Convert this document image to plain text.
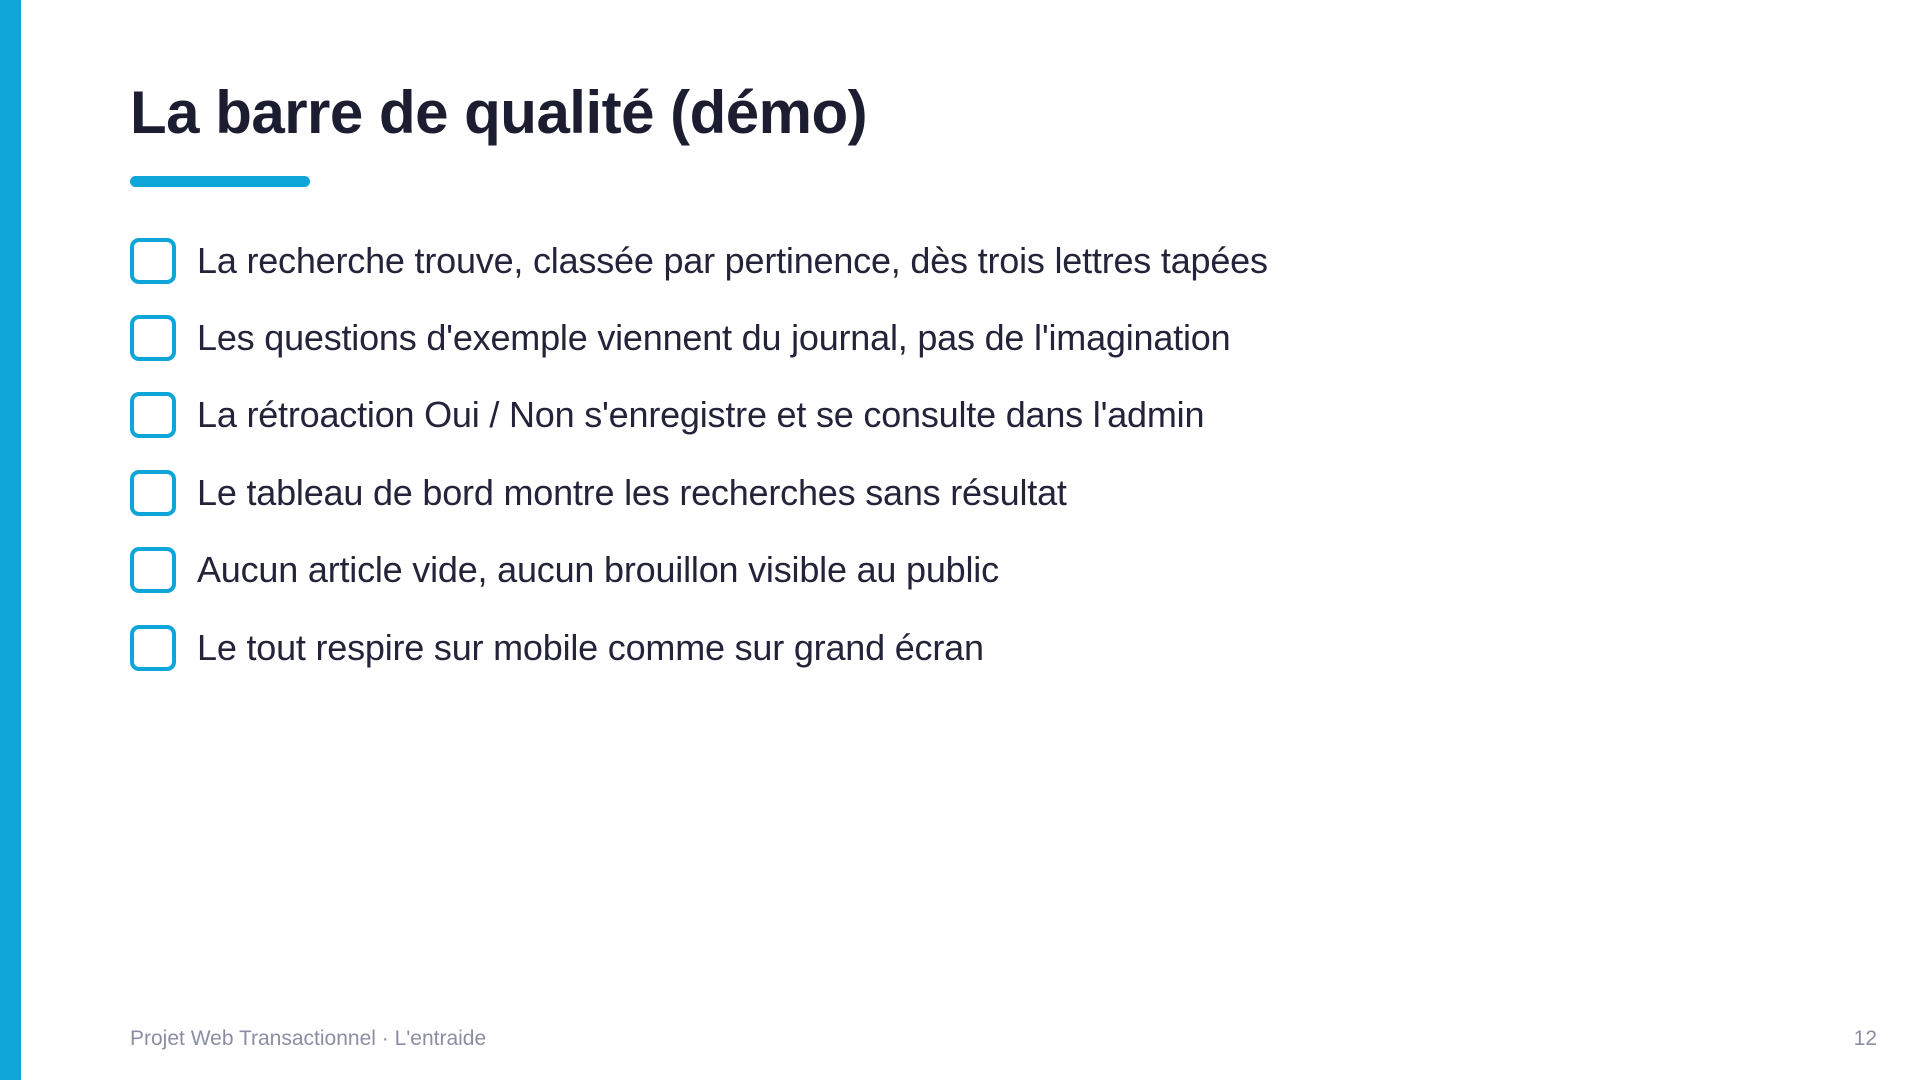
La barre de qualité (démo)
La recherche trouve, classée par pertinence, dès trois lettres tapées
Les questions d'exemple viennent du journal, pas de l'imagination
La rétroaction Oui / Non s'enregistre et se consulte dans l'admin
Le tableau de bord montre les recherches sans résultat
Aucun article vide, aucun brouillon visible au public
Le tout respire sur mobile comme sur grand écran
Projet Web Transactionnel · L'entraide	12
